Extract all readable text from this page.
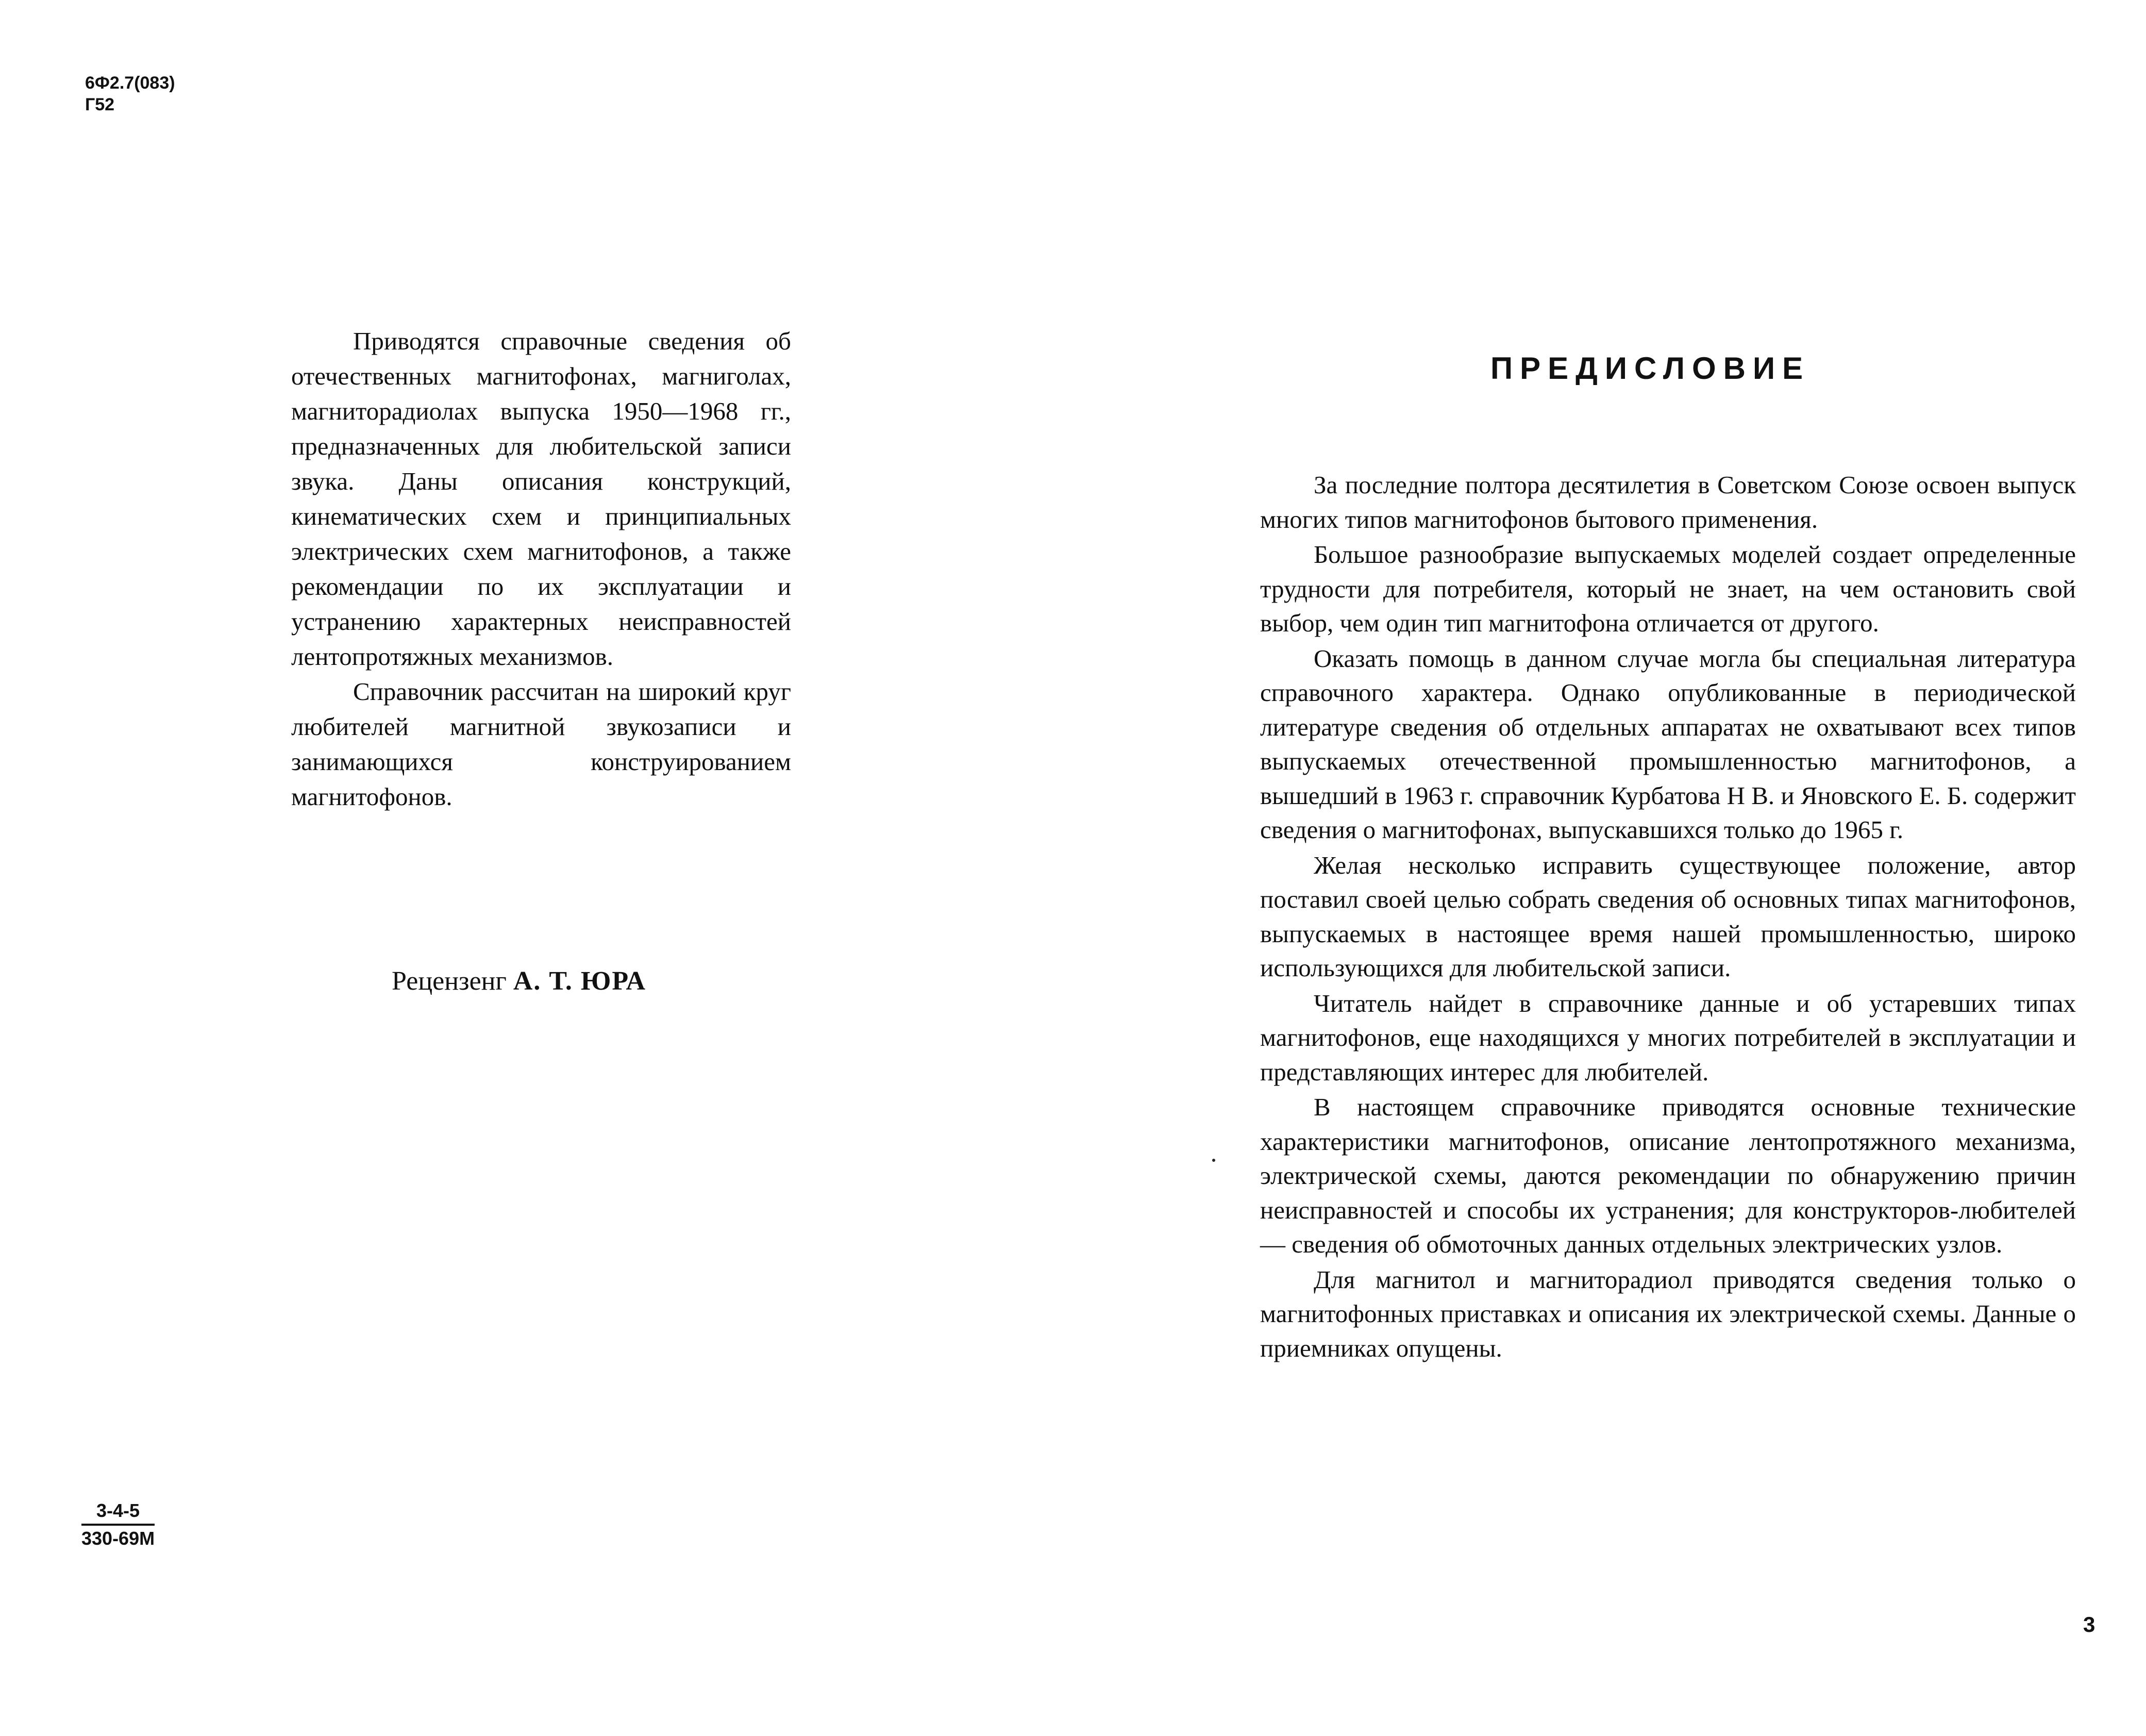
6Ф2.7(083)
Г52

Приводятся справочные сведения об отечественных магнитофонах, магниголах, магниторадиолах выпуска 1950—1968 гг., предназначенных для любительской записи звука. Даны описания конструкций, кинематических схем и принципиальных электрических схем магнитофонов, а также рекомендации по их эксплуатации и устранению характерных неисправностей лентопротяжных механизмов.

Справочник рассчитан на широкий круг любителей магнитной звукозаписи и занимающихся конструированием магнитофонов.

Рецензенг А. Т. ЮРА
3-4-5
330-69М
ПРЕДИСЛОВИЕ

За последние полтора десятилетия в Советском Союзе освоен выпуск многих типов магнитофонов бытового применения.

Большое разнообразие выпускаемых моделей создает определенные трудности для потребителя, который не знает, на чем остановить свой выбор, чем один тип магнитофона отличается от другого.

Оказать помощь в данном случае могла бы специальная литература справочного характера. Однако опубликованные в периодической литературе сведения об отдельных аппаратах не охватывают всех типов выпускаемых отечественной промышленностью магнитофонов, а вышедший в 1963 г. справочник Курбатова Н В. и Яновского Е. Б. содержит сведения о магнитофонах, выпускавшихся только до 1965 г.

Желая несколько исправить существующее положение, автор поставил своей целью собрать сведения об основных типах магнитофонов, выпускаемых в настоящее время нашей промышленностью, широко использующихся для любительской записи.

Читатель найдет в справочнике данные и об устаревших типах магнитофонов, еще находящихся у многих потребителей в эксплуатации и представляющих интерес для любителей.

В настоящем справочнике приводятся основные технические характеристики магнитофонов, описание лентопротяжного механизма, электрической схемы, даются рекомендации по обнаружению причин неисправностей и способы их устранения; для конструкторов-любителей — сведения об обмоточных данных отдельных электрических узлов.

Для магнитол и магниторадиол приводятся сведения только о магнитофонных приставках и описания их электрической схемы. Данные о приемниках опущены.

3
